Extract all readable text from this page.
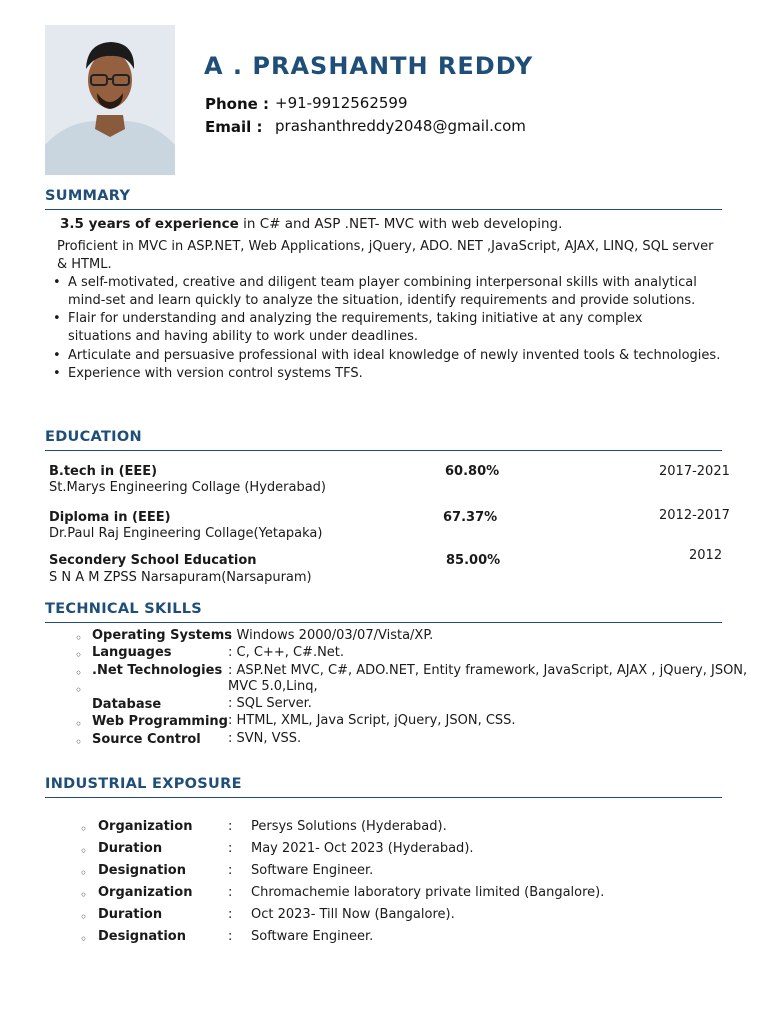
A . PRASHANTH REDDY
Phone : +91-9912562599
Email : prashanthreddy2048@gmail.com
SUMMARY
3.5 years of experience in C# and ASP .NET- MVC with web developing.
Proficient in MVC in ASP.NET, Web Applications, jQuery, ADO. NET ,JavaScript, AJAX, LINQ, SQL server & HTML.
• A self-motivated, creative and diligent team player combining interpersonal skills with analytical mind-set and learn quickly to analyze the situation, identify requirements and provide solutions.
• Flair for understanding and analyzing the requirements, taking initiative at any complex situations and having ability to work under deadlines.
• Articulate and persuasive professional with ideal knowledge of newly invented tools & technologies.
• Experience with version control systems TFS.
EDUCATION
B.tech in (EEE)
St.Marys Engineering Collage (Hyderabad)
60.80%	2017-2021
Diploma in (EEE)
Dr.Paul Raj Engineering Collage(Yetapaka)
67.37%	2012-2017
Secondery School Education
S N A M ZPSS Narsapuram(Narsapuram)
85.00%	2012
TECHNICAL SKILLS
◦ Operating Systems
: Windows 2000/03/07/Vista/XP.
◦ Languages	: C, C++, C#.Net.
◦ .Net Technologies : ASP.Net MVC, C#, ADO.NET, Entity framework, JavaScript, AJAX , jQuery, JSON,
◦	MVC 5.0,Linq,
Database	: SQL Server.
◦ Web Programming : HTML, XML, Java Script, jQuery, JSON, CSS.
◦ Source Control : SVN, VSS.
INDUSTRIAL EXPOSURE
◦ Organization	: Persys Solutions (Hyderabad).
◦ Duration	: May 2021- Oct 2023 (Hyderabad).
◦ Designation	: Software Engineer.
◦ Organization	: Chromachemie laboratory private limited (Bangalore).
◦ Duration	: Oct 2023- Till Now (Bangalore).
◦ Designation	: Software Engineer.
